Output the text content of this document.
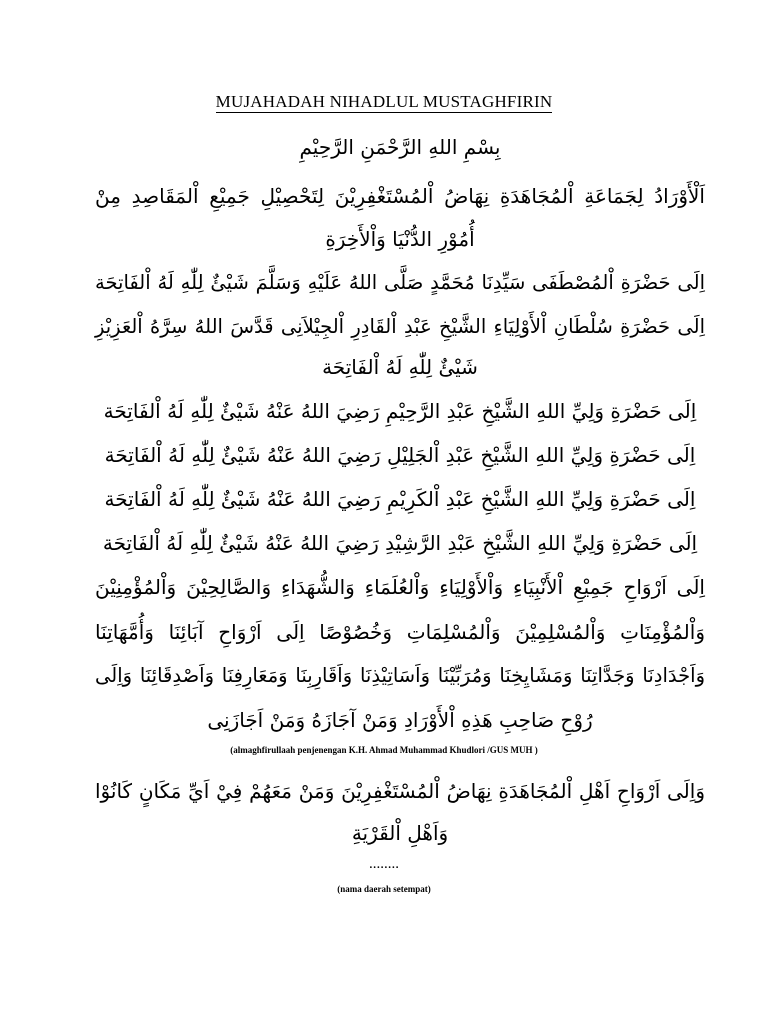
MUJAHADAH NIHADLUL MUSTAGHFIRIN
بِسْمِ اللهِ الرَّحْمَنِ الرَّحِيْمِ
اَلْأَوْرَادُ لِجَمَاعَةِ اْلمُجَاهَدَةِ نِهَاضُ اْلمُسْتَغْفِرِيْنَ لِتَحْصِيْلِ جَمِيْعِ اْلمَقَاصِدِ مِنْ
أُمُوْرِ الدُّنْيَا وَاْلأَخِرَةِ
اِلَى حَضْرَةِ اْلمُصْطَفَى سَيِّدِنَا مُحَمَّدٍ صَلَّى اللهُ عَلَيْهِ وَسَلَّمَ شَيْئٌ لِلّٰهِ لَهُ اْلفَاتِحَة
اِلَى حَضْرَةِ سُلْطَانِ اْلأَوْلِيَاءِ الشَّيْخِ عَبْدِ اْلقَادِرِ اْلجِيْلاَنِى قَدَّسَ اللهُ سِرَّهُ اْلعَزِيْزِ
شَيْئٌ لِلّٰهِ لَهُ اْلفَاتِحَة
اِلَى حَضْرَةِ وَلِيِّ اللهِ الشَّيْخِ عَبْدِ الرَّحِيْمِ رَضِيَ اللهُ عَنْهُ شَيْئٌ لِلّٰهِ لَهُ اْلفَاتِحَة
اِلَى حَضْرَةِ وَلِيِّ اللهِ الشَّيْخِ عَبْدِ اْلجَلِيْلِ رَضِيَ اللهُ عَنْهُ شَيْئٌ لِلّٰهِ لَهُ اْلفَاتِحَة
اِلَى حَضْرَةِ وَلِيِّ اللهِ الشَّيْخِ عَبْدِ اْلكَرِيْمِ رَضِيَ اللهُ عَنْهُ شَيْئٌ لِلّٰهِ لَهُ اْلفَاتِحَة
اِلَى حَضْرَةِ وَلِيِّ اللهِ الشَّيْخِ عَبْدِ الرَّشِيْدِ رَضِيَ اللهُ عَنْهُ شَيْئٌ لِلّٰهِ لَهُ اْلفَاتِحَة
اِلَى اَرْوَاحِ جَمِيْعِ اْلأَنْبِيَاءِ وَاْلأَوْلِيَاءِ وَاْلعُلَمَاءِ وَالشُّهَدَاءِ وَالصَّالِحِيْنَ وَاْلمُؤْمِنِيْنَ
وَاْلمُؤْمِنَاتِ وَاْلمُسْلِمِيْنَ وَاْلمُسْلِمَاتِ وَخُصُوْصًا اِلَى اَرْوَاحِ آبَائِنَا وَأُمَّهَاتِنَا
وَاَجْدَادِنَا وَجَدَّاتِنَا وَمَشَايِخِنَا وَمُرَبِّيْنَا وَاَسَاتِيْذِنَا وَاَقَارِبِنَا وَمَعَارِفِنَا وَاَصْدِقَائِنَا وَاِلَى
رُوْحِ صَاحِبِ هَذِهِ اْلأَوْرَادِ وَمَنْ آجَازَهُ وَمَنْ اَجَازَنِى
(almaghfirullaah penjenengan K.H. Ahmad Muhammad Khudlori /GUS MUH )
وَاِلَى اَرْوَاحِ اَهْلِ اْلمُجَاهَدَةِ نِهَاضُ اْلمُسْتَغْفِرِيْنَ وَمَنْ مَعَهُمْ فِيْ اَيِّ مَكَانٍ كَانُوْا
وَاَهْلِ اْلقَرْيَةِ
........
(nama daerah setempat)
